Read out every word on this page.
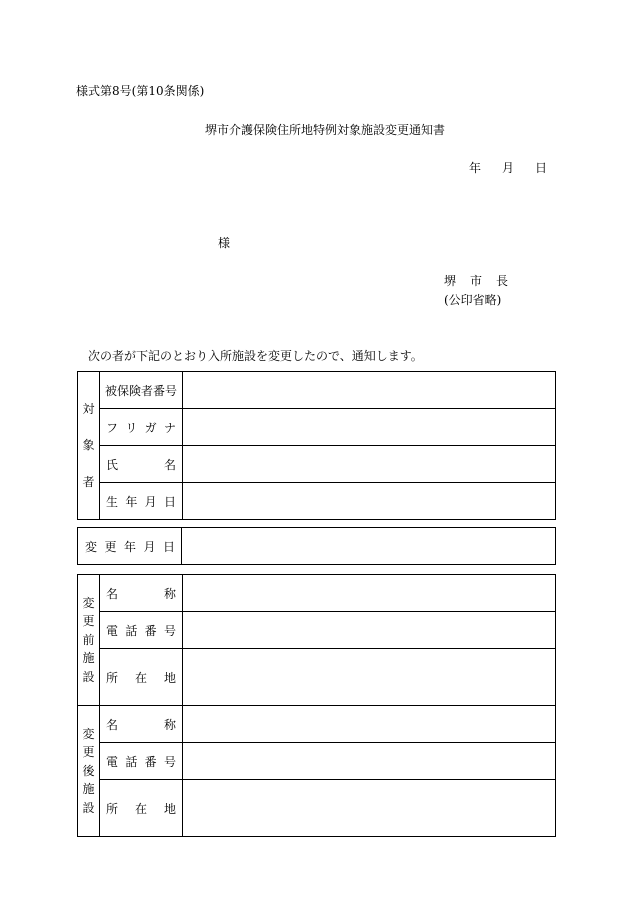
様式第8号(第10条関係)
堺市介護保険住所地特例対象施設変更通知書
年 月 日
様
堺 市 長
(公印省略)
次の者が下記のとおり入所施設を変更したので、通知します。
対
象
者	被保険者番号	

	フ リ ガ ナ	

	氏 名	

	生 年 月 日	

変 更 年 月 日

変
更
前
施
設	名 称	

	電 話 番 号	

	所 在 地	

変
更
後
施
設	名 称	

	電 話 番 号	

	所 在 地	
